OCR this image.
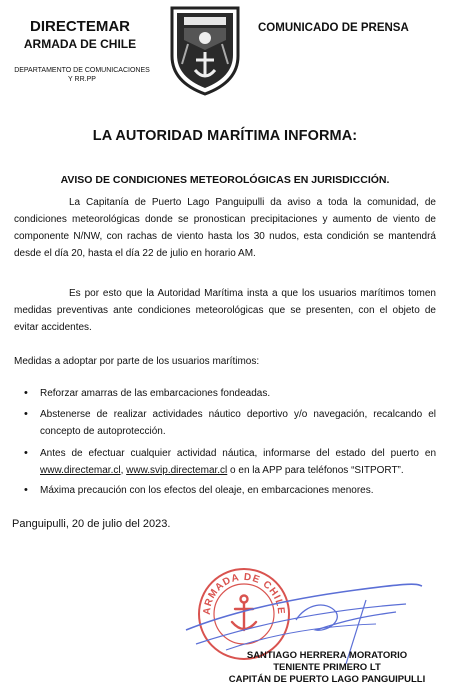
DIRECTEMAR
ARMADA DE CHILE
DEPARTAMENTO DE COMUNICACIONES
Y RR.PP
COMUNICADO DE PRENSA
LA AUTORIDAD MARÍTIMA INFORMA:
AVISO DE CONDICIONES METEOROLÓGICAS EN JURISDICCIÓN.

La Capitanía de Puerto Lago Panguipulli da aviso a toda la comunidad, de condiciones meteorológicas donde se pronostican precipitaciones y aumento de viento de componente N/NW, con rachas de viento hasta los 30 nudos, esta condición se mantendrá desde el día 20, hasta el día 22 de julio en horario AM.

Es por esto que la Autoridad Marítima insta a que los usuarios marítimos tomen medidas preventivas ante condiciones meteorológicas que se presenten, con el objeto de evitar accidentes.

Medidas a adoptar por parte de los usuarios marítimos:
• Reforzar amarras de las embarcaciones fondeadas.
• Abstenerse de realizar actividades náutico deportivo y/o navegación, recalcando el concepto de autoprotección.
• Antes de efectuar cualquier actividad náutica, informarse del estado del puerto en www.directemar.cl, www.svip.directemar.cl o en la APP para teléfonos “SITPORT”.
• Máxima precaución con los efectos del oleaje, en embarcaciones menores.
Panguipulli, 20 de julio del 2023.
ARMADA DE CHILE
SANTIAGO HERRERA MORATORIO
TENIENTE PRIMERO LT
CAPITÁN DE PUERTO LAGO PANGUIPULLI
